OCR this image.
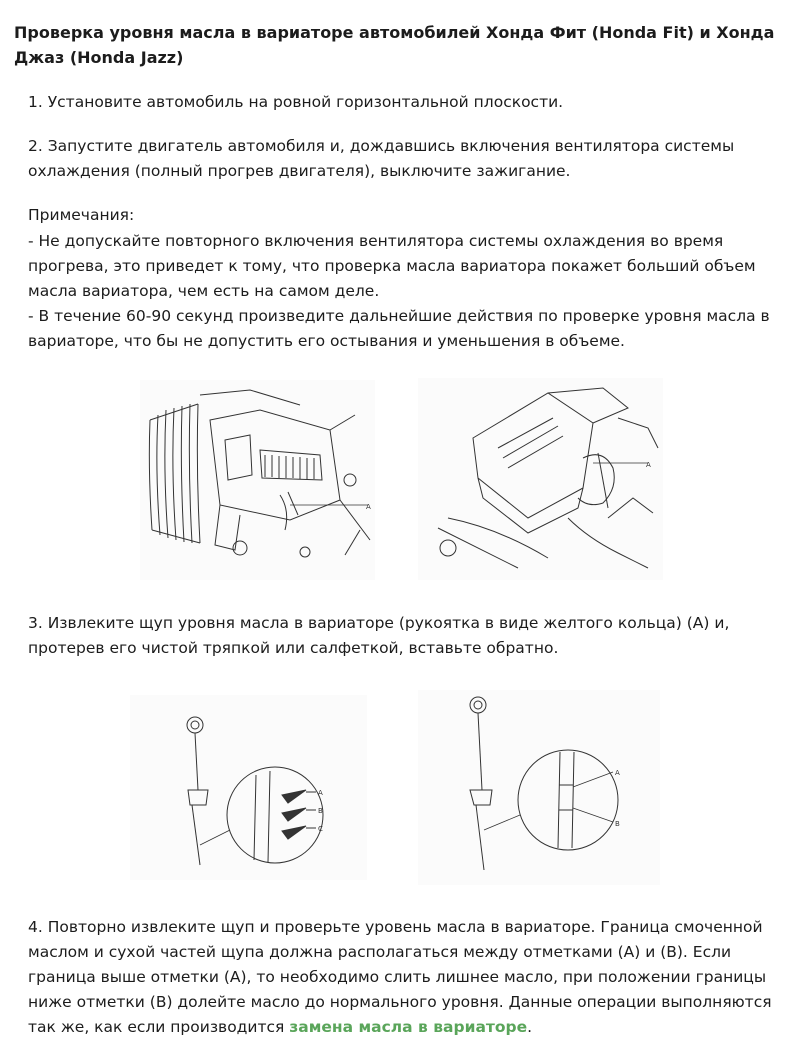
Проверка уровня масла в вариаторе автомобилей Хонда Фит (Honda Fit) и Хонда Джаз (Honda Jazz)

1. Установите автомобиль на ровной горизонтальной плоскости.

2. Запустите двигатель автомобиля и, дождавшись включения вентилятора системы охлаждения (полный прогрев двигателя), выключите зажигание.

Примечания:

- Не допускайте повторного включения вентилятора системы охлаждения во время прогрева, это приведет к тому, что проверка масла вариатора покажет больший объем масла вариатора, чем есть на самом деле.

- В течение 60-90 секунд произведите дальнейшие действия по проверке уровня масла в вариаторе, что бы не допустить его остывания и уменьшения в объеме.

A
A

3. Извлеките щуп уровня масла в вариаторе (рукоятка в виде желтого кольца) (А) и, протерев его чистой тряпкой или салфеткой, вставьте обратно.

A
B
C
A
B

4. Повторно извлеките щуп и проверьте уровень масла в вариаторе. Граница смоченной маслом и сухой частей щупа должна располагаться между отметками (А) и (В). Если граница выше отметки (А), то необходимо слить лишнее масло, при положении границы ниже отметки (В) долейте масло до нормального уровня. Данные операции выполняются так же, как если производится замена масла в вариаторе.
